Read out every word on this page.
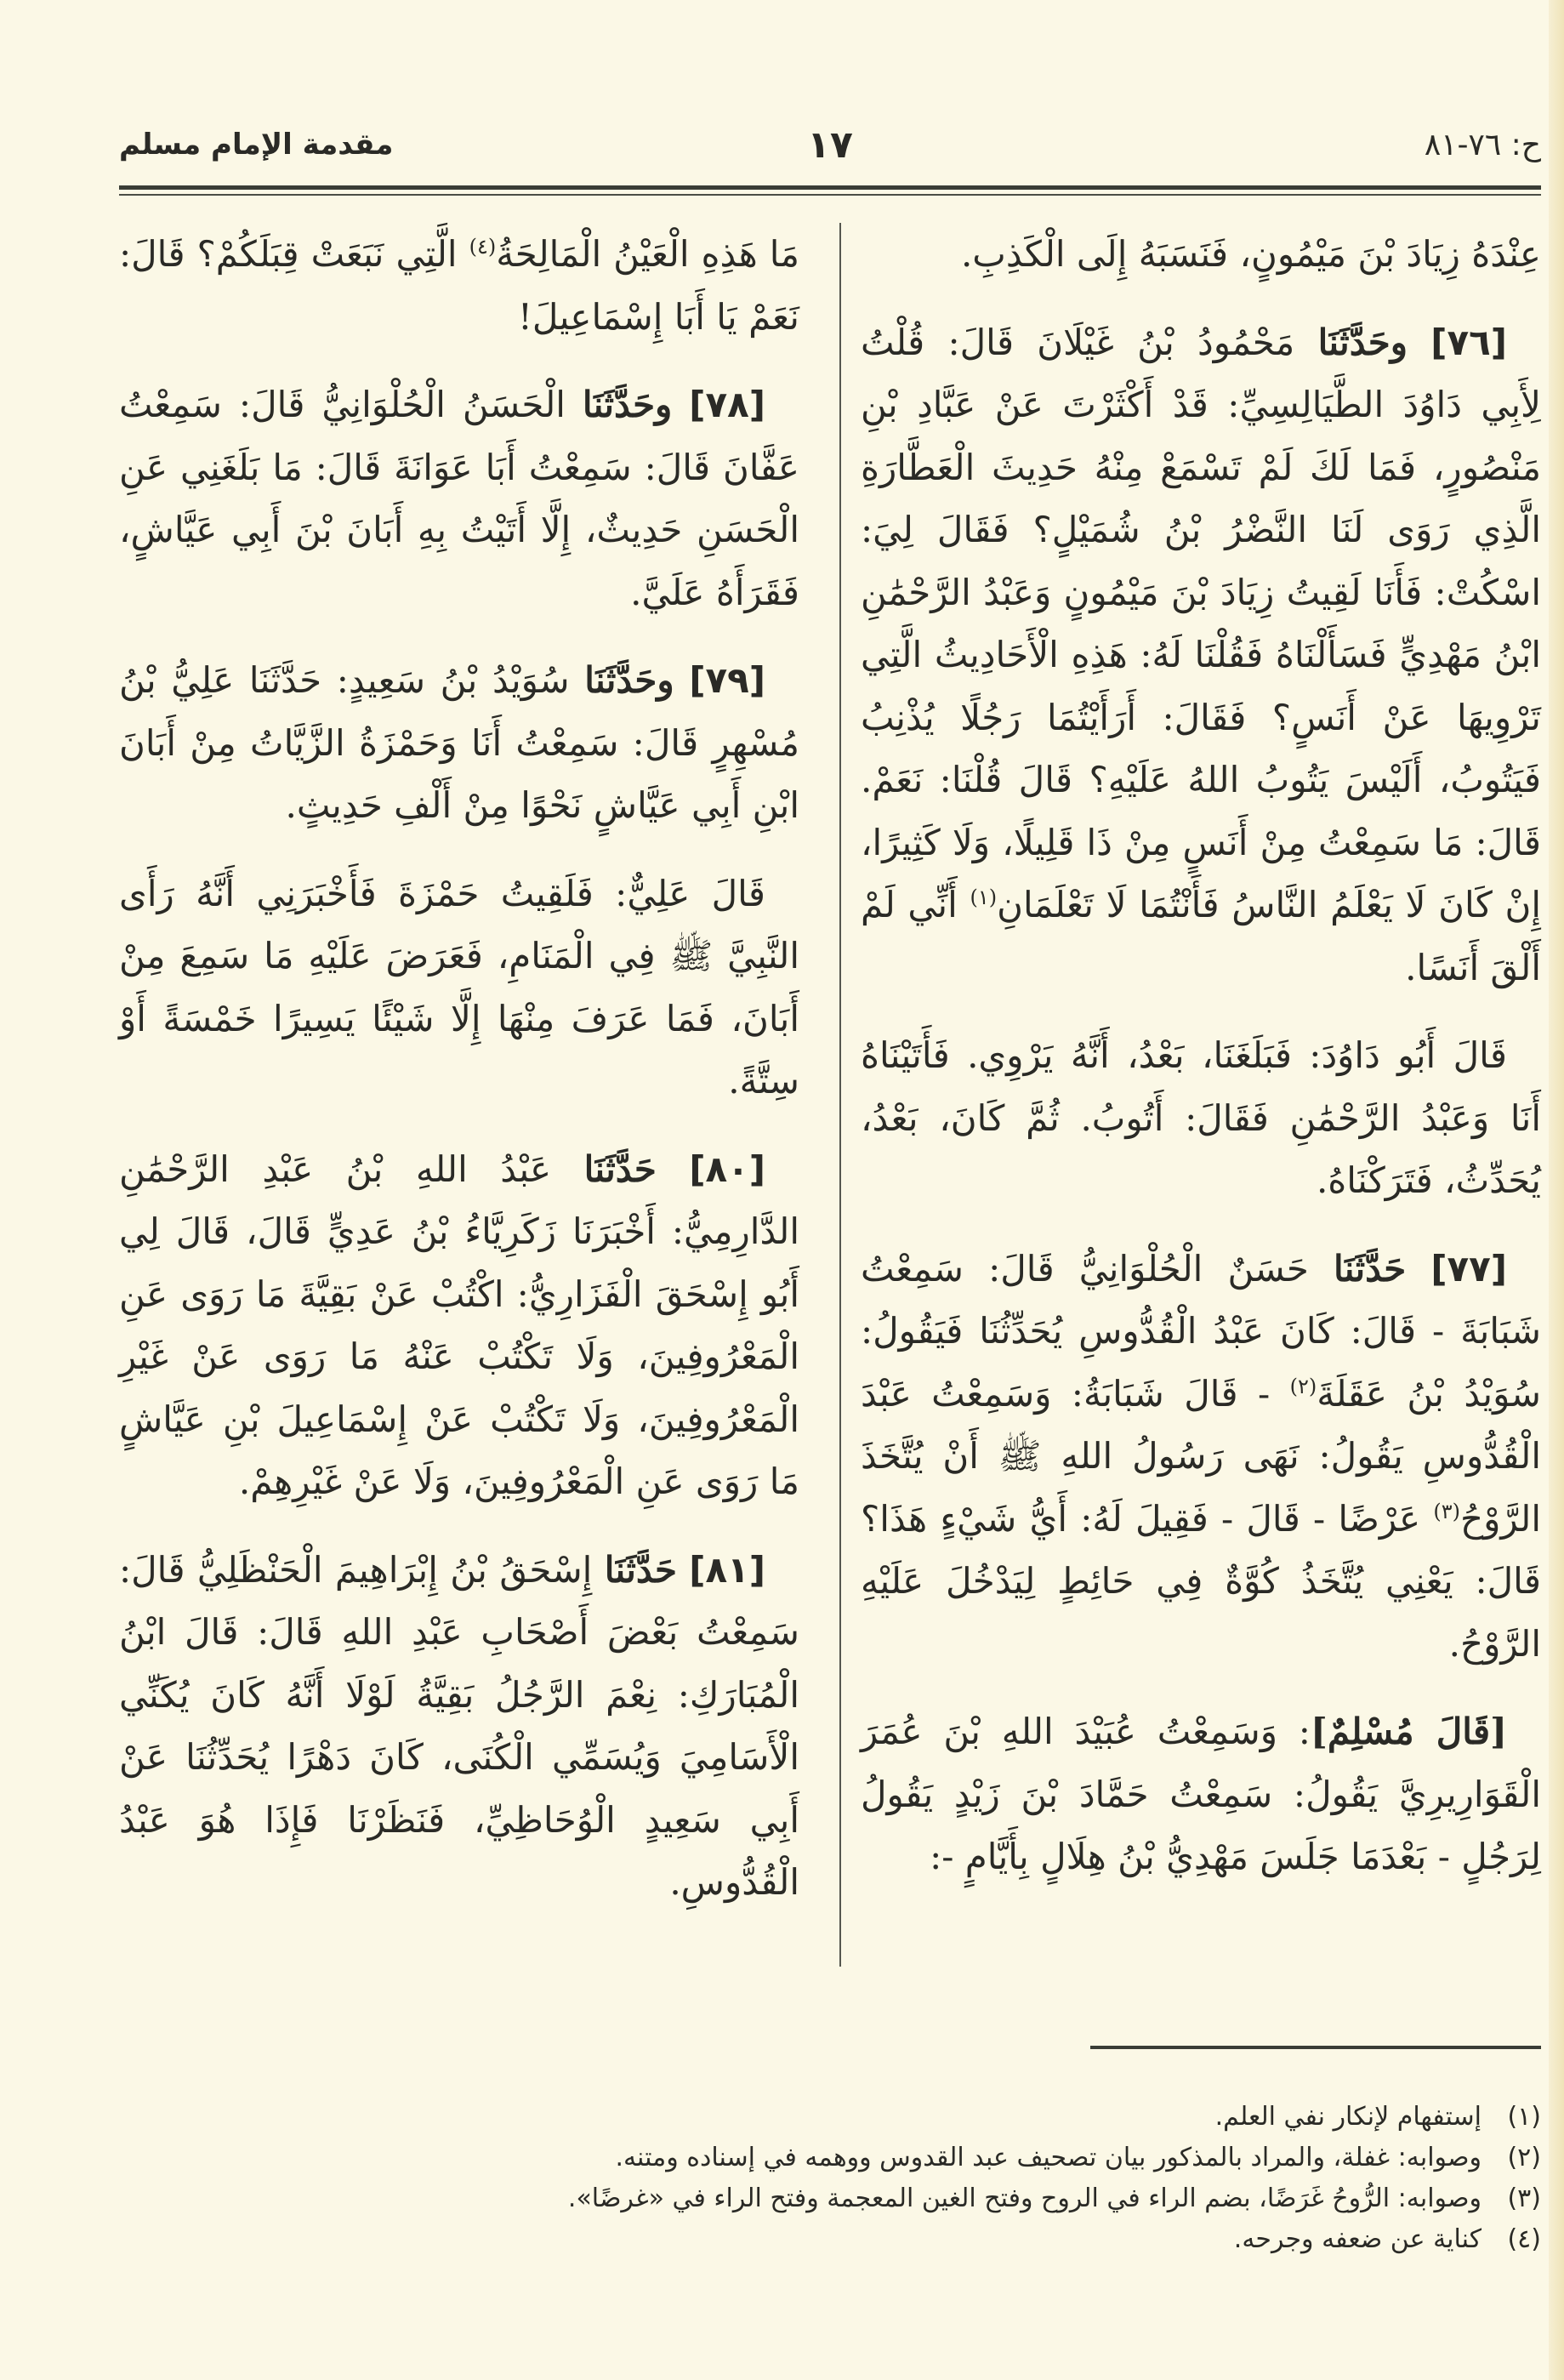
ح: ٧٦-٨١
١٧
مقدمة الإمام مسلم

عِنْدَهُ زِيَادَ بْنَ مَيْمُونٍ، فَنَسَبَهُ إِلَى الْكَذِبِ.

[٧٦] وحَدَّثَنَا مَحْمُودُ بْنُ غَيْلَانَ قَالَ: قُلْتُ لِأَبِي دَاوُدَ الطَّيَالِسِيِّ: قَدْ أَكْثَرْتَ عَنْ عَبَّادِ بْنِ مَنْصُورٍ، فَمَا لَكَ لَمْ تَسْمَعْ مِنْهُ حَدِيثَ الْعَطَّارَةِ الَّذِي رَوَى لَنَا النَّضْرُ بْنُ شُمَيْلٍ؟ فَقَالَ لِيَ: اسْكُتْ: فَأَنَا لَقِيتُ زِيَادَ بْنَ مَيْمُونٍ وَعَبْدُ الرَّحْمَٰنِ ابْنُ مَهْدِيٍّ فَسَأَلْنَاهُ فَقُلْنَا لَهُ: هَذِهِ الْأَحَادِيثُ الَّتِي تَرْوِيهَا عَنْ أَنَسٍ؟ فَقَالَ: أَرَأَيْتُمَا رَجُلًا يُذْنِبُ فَيَتُوبُ، أَلَيْسَ يَتُوبُ اللهُ عَلَيْهِ؟ قَالَ قُلْنَا: نَعَمْ. قَالَ: مَا سَمِعْتُ مِنْ أَنَسٍ مِنْ ذَا قَلِيلًا، وَلَا كَثِيرًا، إِنْ كَانَ لَا يَعْلَمُ النَّاسُ فَأَنْتُمَا لَا تَعْلَمَانِ$^{(١)}$ أَنِّي لَمْ أَلْقَ أَنَسًا.

قَالَ أَبُو دَاوُدَ: فَبَلَغَنَا، بَعْدُ، أَنَّهُ يَرْوِي. فَأَتَيْنَاهُ أَنَا وَعَبْدُ الرَّحْمَٰنِ فَقَالَ: أَتُوبُ. ثُمَّ كَانَ، بَعْدُ، يُحَدِّثُ، فَتَرَكْنَاهُ.

[٧٧] حَدَّثَنَا حَسَنٌ الْحُلْوَانِيُّ قَالَ: سَمِعْتُ شَبَابَةَ - قَالَ: كَانَ عَبْدُ الْقُدُّوسِ يُحَدِّثُنَا فَيَقُولُ: سُوَيْدُ بْنُ عَقَلَةَ$^{(٢)}$ - قَالَ شَبَابَةُ: وَسَمِعْتُ عَبْدَ الْقُدُّوسِ يَقُولُ: نَهَى رَسُولُ اللهِ ﷺ أَنْ يُتَّخَذَ الرَّوْحُ$^{(٣)}$ عَرْضًا - قَالَ - فَقِيلَ لَهُ: أَيُّ شَيْءٍ هَذَا؟ قَالَ: يَعْنِي يُتَّخَذُ كُوَّةٌ فِي حَائِطٍ لِيَدْخُلَ عَلَيْهِ الرَّوْحُ.

[قَالَ مُسْلِمٌ]: وَسَمِعْتُ عُبَيْدَ اللهِ بْنَ عُمَرَ الْقَوَارِيرِيَّ يَقُولُ: سَمِعْتُ حَمَّادَ بْنَ زَيْدٍ يَقُولُ لِرَجُلٍ - بَعْدَمَا جَلَسَ مَهْدِيُّ بْنُ هِلَالٍ بِأَيَّامٍ -:

مَا هَذِهِ الْعَيْنُ الْمَالِحَةُ$^{(٤)}$ الَّتِي نَبَعَتْ قِبَلَكُمْ؟ قَالَ: نَعَمْ يَا أَبَا إِسْمَاعِيلَ!

[٧٨] وحَدَّثَنَا الْحَسَنُ الْحُلْوَانِيُّ قَالَ: سَمِعْتُ عَفَّانَ قَالَ: سَمِعْتُ أَبَا عَوَانَةَ قَالَ: مَا بَلَغَنِي عَنِ الْحَسَنِ حَدِيثٌ، إِلَّا أَتَيْتُ بِهِ أَبَانَ بْنَ أَبِي عَيَّاشٍ، فَقَرَأَهُ عَلَيَّ.

[٧٩] وحَدَّثَنَا سُوَيْدُ بْنُ سَعِيدٍ: حَدَّثَنَا عَلِيُّ بْنُ مُسْهِرٍ قَالَ: سَمِعْتُ أَنَا وَحَمْزَةُ الزَّيَّاتُ مِنْ أَبَانَ ابْنِ أَبِي عَيَّاشٍ نَحْوًا مِنْ أَلْفِ حَدِيثٍ.

قَالَ عَلِيٌّ: فَلَقِيتُ حَمْزَةَ فَأَخْبَرَنِي أَنَّهُ رَأَى النَّبِيَّ ﷺ فِي الْمَنَامِ، فَعَرَضَ عَلَيْهِ مَا سَمِعَ مِنْ أَبَانَ، فَمَا عَرَفَ مِنْهَا إِلَّا شَيْئًا يَسِيرًا خَمْسَةً أَوْ سِتَّةً.

[٨٠] حَدَّثَنَا عَبْدُ اللهِ بْنُ عَبْدِ الرَّحْمَٰنِ الدَّارِمِيُّ: أَخْبَرَنَا زَكَرِيَّاءُ بْنُ عَدِيٍّ قَالَ، قَالَ لِي أَبُو إِسْحَقَ الْفَزَارِيُّ: اكْتُبْ عَنْ بَقِيَّةَ مَا رَوَى عَنِ الْمَعْرُوفِينَ، وَلَا تَكْتُبْ عَنْهُ مَا رَوَى عَنْ غَيْرِ الْمَعْرُوفِينَ، وَلَا تَكْتُبْ عَنْ إِسْمَاعِيلَ بْنِ عَيَّاشٍ مَا رَوَى عَنِ الْمَعْرُوفِينَ، وَلَا عَنْ غَيْرِهِمْ.

[٨١] حَدَّثَنَا إِسْحَقُ بْنُ إِبْرَاهِيمَ الْحَنْظَلِيُّ قَالَ: سَمِعْتُ بَعْضَ أَصْحَابِ عَبْدِ اللهِ قَالَ: قَالَ ابْنُ الْمُبَارَكِ: نِعْمَ الرَّجُلُ بَقِيَّةُ لَوْلَا أَنَّهُ كَانَ يُكَنِّي الْأَسَامِيَ وَيُسَمِّي الْكُنَى، كَانَ دَهْرًا يُحَدِّثُنَا عَنْ أَبِي سَعِيدٍ الْوُحَاظِيِّ، فَنَظَرْنَا فَإِذَا هُوَ عَبْدُ الْقُدُّوسِ.

(١)
إستفهام لإنكار نفي العلم.
(٢)
وصوابه: غفلة، والمراد بالمذكور بيان تصحيف عبد القدوس ووهمه في إسناده ومتنه.
(٣)
وصوابه: الرُّوحُ غَرَضًا، بضم الراء في الروح وفتح الغين المعجمة وفتح الراء في «غرضًا».
(٤)
كناية عن ضعفه وجرحه.
